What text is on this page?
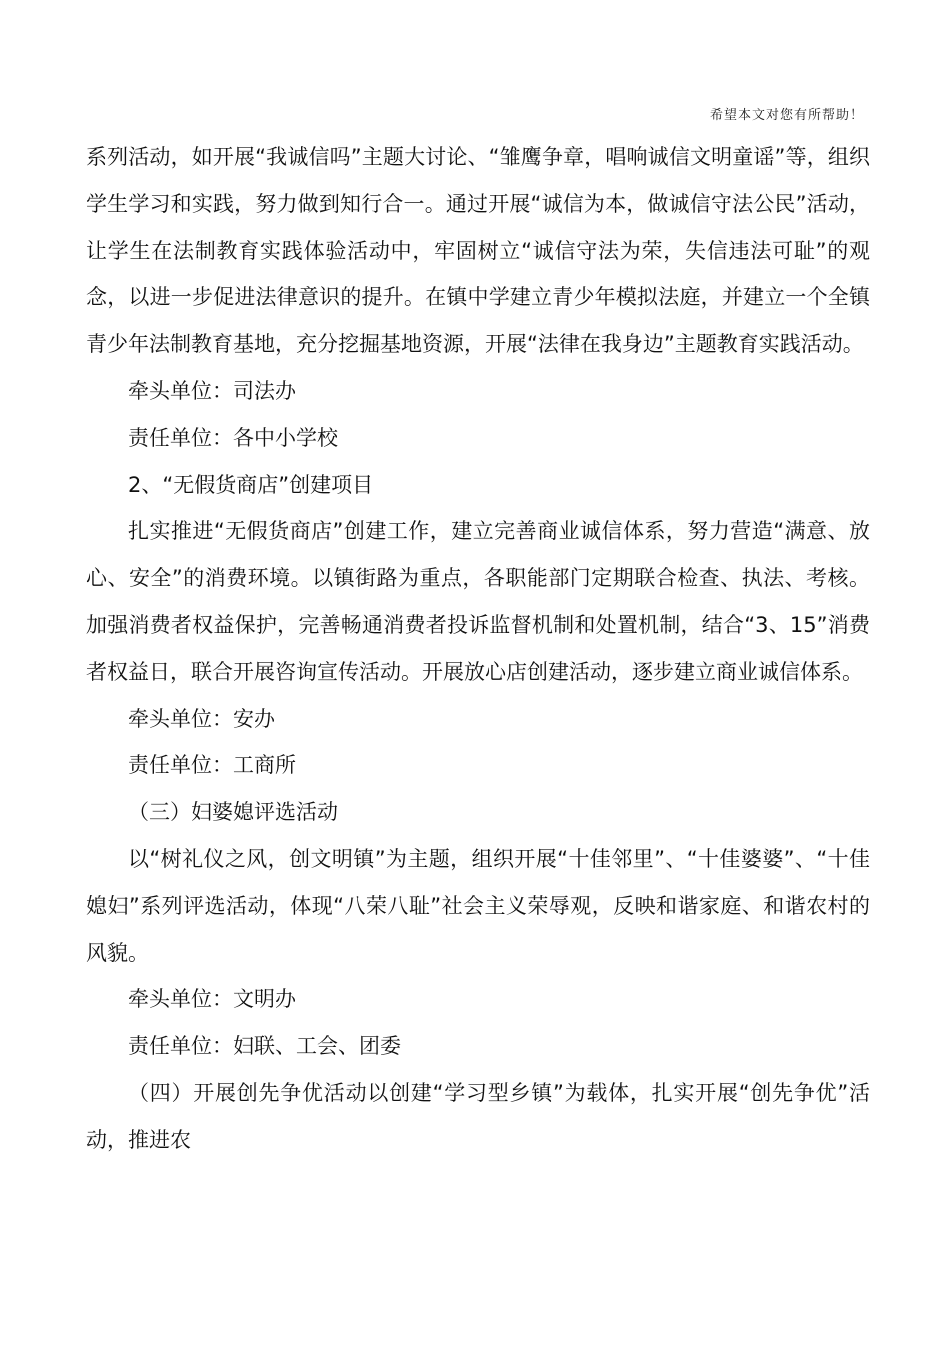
希望本文对您有所帮助！

系列活动，如开展“我诚信吗”主题大讨论、“雏鹰争章，唱响诚信文明童谣”等，组织学生学习和实践，努力做到知行合一。通过开展“诚信为本，做诚信守法公民”活动，让学生在法制教育实践体验活动中，牢固树立“诚信守法为荣，失信违法可耻”的观念，以进一步促进法律意识的提升。在镇中学建立青少年模拟法庭，并建立一个全镇青少年法制教育基地，充分挖掘基地资源，开展“法律在我身边”主题教育实践活动。

牵头单位：司法办

责任单位：各中小学校

2、“无假货商店”创建项目

扎实推进“无假货商店”创建工作，建立完善商业诚信体系，努力营造“满意、放心、安全”的消费环境。以镇街路为重点，各职能部门定期联合检查、执法、考核。加强消费者权益保护，完善畅通消费者投诉监督机制和处置机制，结合“3、15”消费者权益日，联合开展咨询宣传活动。开展放心店创建活动，逐步建立商业诚信体系。

牵头单位：安办

责任单位：工商所

（三）妇婆媳评选活动

以“树礼仪之风，创文明镇”为主题，组织开展“十佳邻里”、“十佳婆婆”、“十佳媳妇”系列评选活动，体现“八荣八耻”社会主义荣辱观，反映和谐家庭、和谐农村的风貌。

牵头单位：文明办

责任单位：妇联、工会、团委

（四）开展创先争优活动以创建“学习型乡镇”为载体，扎实开展“创先争优”活动，推进农
